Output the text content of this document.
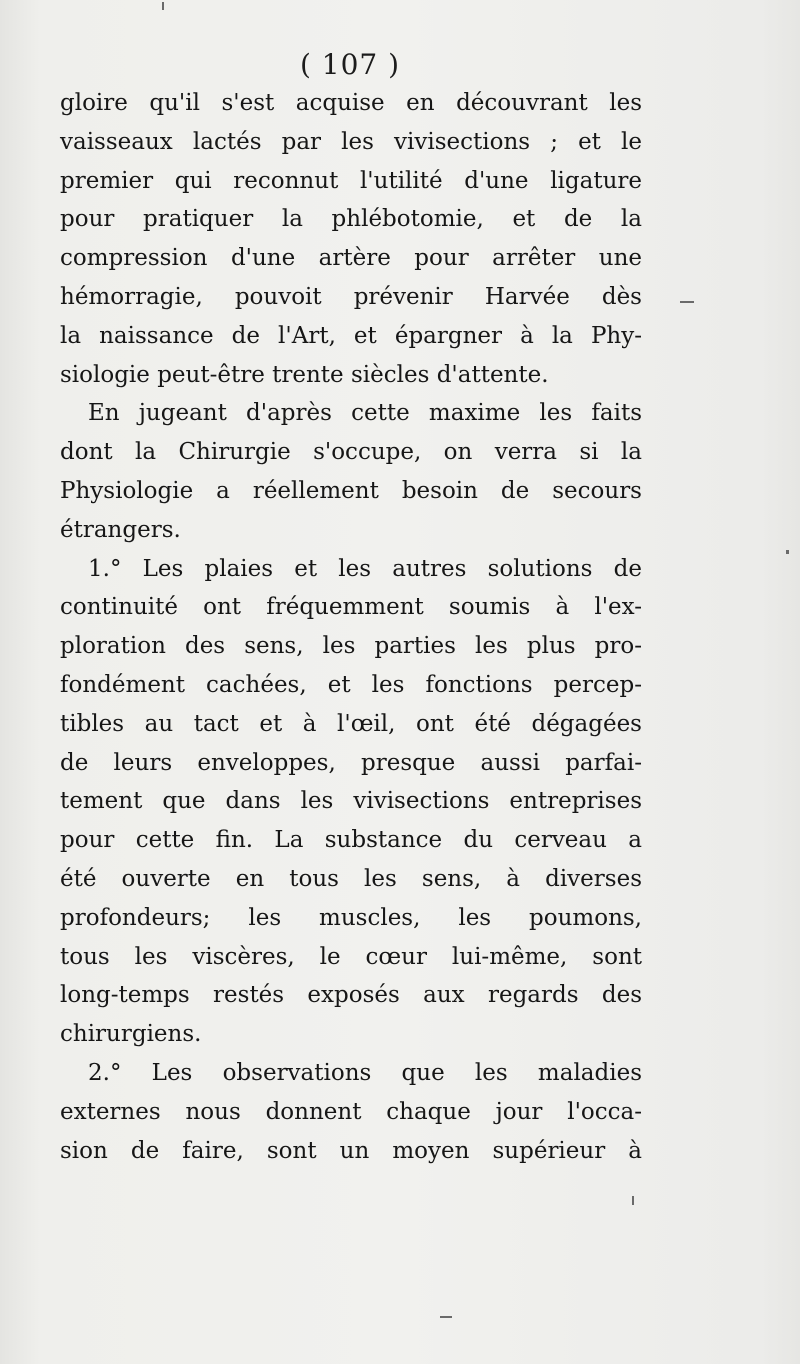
( 107 )
gloire qu'il s'est acquise en découvrant les
vaisseaux lactés par les vivisections ; et le
premier qui reconnut l'utilité d'une ligature
pour pratiquer la phlébotomie, et de la
compression d'une artère pour arrêter une
hémorragie, pouvoit prévenir Harvée dès
la naissance de l'Art, et épargner à la Phy-
siologie peut-être trente siècles d'attente.
En jugeant d'après cette maxime les faits
dont la Chirurgie s'occupe, on verra si la
Physiologie a réellement besoin de secours
étrangers.
1.° Les plaies et les autres solutions de
continuité ont fréquemment soumis à l'ex-
ploration des sens, les parties les plus pro-
fondément cachées, et les fonctions percep-
tibles au tact et à l'œil, ont été dégagées
de leurs enveloppes, presque aussi parfai-
tement que dans les vivisections entreprises
pour cette fin. La substance du cerveau a
été ouverte en tous les sens, à diverses
profondeurs; les muscles, les poumons,
tous les viscères, le cœur lui-même, sont
long-temps restés exposés aux regards des
chirurgiens.
2.° Les observations que les maladies
externes nous donnent chaque jour l'occa-
sion de faire, sont un moyen supérieur à
